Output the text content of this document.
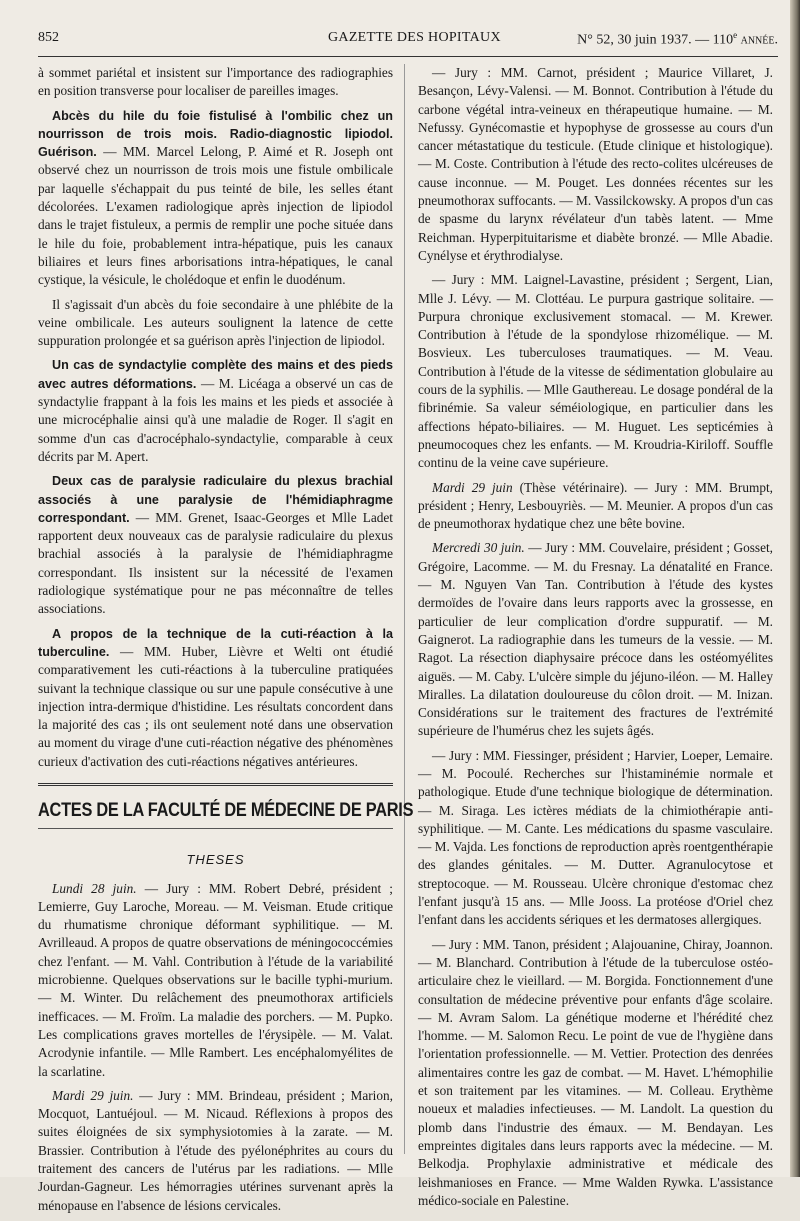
852	GAZETTE DES HOPITAUX	N° 52, 30 juin 1937. — 110e année.

à sommet pariétal et insistent sur l'importance des radiographies en position transverse pour localiser de pareilles images.

Abcès du hile du foie fistulisé à l'ombilic chez un nourrisson de trois mois. Radio-diagnostic lipiodol. Guérison. — MM. Marcel Lelong, P. Aimé et R. Joseph ont observé chez un nourrisson de trois mois une fistule ombilicale par laquelle s'échappait du pus teinté de bile, les selles étant décolorées. L'examen radiologique après injection de lipiodol dans le trajet fistuleux, a permis de remplir une poche située dans le hile du foie, probablement intra-hépatique, puis les canaux biliaires et leurs fines arborisations intra-hépatiques, le canal cystique, la vésicule, le cholédoque et enfin le duodénum.

Il s'agissait d'un abcès du foie secondaire à une phlébite de la veine ombilicale. Les auteurs soulignent la latence de cette suppuration prolongée et sa guérison après l'injection de lipiodol.

Un cas de syndactylie complète des mains et des pieds avec autres déformations. — M. Licéaga a observé un cas de syndactylie frappant à la fois les mains et les pieds et associée à une microcéphalie ainsi qu'à une maladie de Roger. Il s'agit en somme d'un cas d'acrocéphalo-syndactylie, comparable à ceux décrits par M. Apert.

Deux cas de paralysie radiculaire du plexus brachial associés à une paralysie de l'hémidiaphragme correspondant. — MM. Grenet, Isaac-Georges et Mlle Ladet rapportent deux nouveaux cas de paralysie radiculaire du plexus brachial associés à la paralysie de l'hémidiaphragme correspondant. Ils insistent sur la nécessité de l'examen radiologique systématique pour ne pas méconnaître de telles associations.

A propos de la technique de la cuti-réaction à la tuberculine. — MM. Huber, Lièvre et Welti ont étudié comparativement les cuti-réactions à la tuberculine pratiquées suivant la technique classique ou sur une papule consécutive à une injection intra-dermique d'histidine. Les résultats concordent dans la majorité des cas ; ils ont seulement noté dans une observation au moment du virage d'une cuti-réaction négative des phénomènes curieux d'activation des cuti-réactions négatives antérieures.

ACTES DE LA FACULTÉ DE MÉDECINE DE PARIS
THESES

Lundi 28 juin. — Jury : MM. Robert Debré, président ; Lemierre, Guy Laroche, Moreau. — M. Veisman. Etude critique du rhumatisme chronique déformant syphilitique. — M. Avrilleaud. A propos de quatre observations de méningococcémies chez l'enfant. — M. Vahl. Contribution à l'étude de la variabilité microbienne. Quelques observations sur le bacille typhi-murium. — M. Winter. Du relâchement des pneumothorax artificiels inefficaces. — M. Froïm. La maladie des porchers. — M. Pupko. Les complications graves mortelles de l'érysipèle. — M. Valat. Acrodynie infantile. — Mlle Rambert. Les encéphalomyélites de la scarlatine.

Mardi 29 juin. — Jury : MM. Brindeau, président ; Marion, Mocquot, Lantuéjoul. — M. Nicaud. Réflexions à propos des suites éloignées de six symphysiotomies à la zarate. — M. Brassier. Contribution à l'étude des pyélonéphrites au cours du traitement des cancers de l'utérus par les radiations. — Mlle Jourdan-Gagneur. Les hémorragies utérines survenant après la ménopause en l'absence de lésions cervicales.

— Jury : MM. Carnot, président ; Maurice Villaret, J. Besançon, Lévy-Valensi. — M. Bonnot. Contribution à l'étude du carbone végétal intra-veineux en thérapeutique humaine. — M. Nefussy. Gynécomastie et hypophyse de grossesse au cours d'un cancer métastatique du testicule. (Etude clinique et histologique). — M. Coste. Contribution à l'étude des recto-colites ulcéreuses de cause inconnue. — M. Pouget. Les données récentes sur les pneumothorax suffocants. — M. Vassilckowsky. A propos d'un cas de spasme du larynx révélateur d'un tabès latent. — Mme Reichman. Hyperpituitarisme et diabète bronzé. — Mlle Abadie. Cynélyse et érythrodialyse.

— Jury : MM. Laignel-Lavastine, président ; Sergent, Lian, Mlle J. Lévy. — M. Clottéau. Le purpura gastrique solitaire. — Purpura chronique exclusivement stomacal. — M. Krewer. Contribution à l'étude de la spondylose rhizomélique. — M. Bosvieux. Les tuberculoses traumatiques. — M. Veau. Contribution à l'étude de la vitesse de sédimentation globulaire au cours de la syphilis. — Mlle Gauthereau. Le dosage pondéral de la fibrinémie. Sa valeur séméiologique, en particulier dans les affections hépato-biliaires. — M. Huguet. Les septicémies à pneumocoques chez les enfants. — M. Kroudria-Kiriloff. Souffle continu de la veine cave supérieure.

Mardi 29 juin (Thèse vétérinaire). — Jury : MM. Brumpt, président ; Henry, Lesbouyriès. — M. Meunier. A propos d'un cas de pneumothorax hydatique chez une bête bovine.

Mercredi 30 juin. — Jury : MM. Couvelaire, président ; Gosset, Grégoire, Lacomme. — M. du Fresnay. La dénatalité en France. — M. Nguyen Van Tan. Contribution à l'étude des kystes dermoïdes de l'ovaire dans leurs rapports avec la grossesse, en particulier de leur complication d'ordre suppuratif. — M. Gaignerot. La radiographie dans les tumeurs de la vessie. — M. Ragot. La résection diaphysaire précoce dans les ostéomyélites aiguës. — M. Caby. L'ulcère simple du jéjuno-iléon. — M. Halley Miralles. La dilatation douloureuse du côlon droit. — M. Inizan. Considérations sur le traitement des fractures de l'extrémité supérieure de l'humérus chez les sujets âgés.

— Jury : MM. Fiessinger, président ; Harvier, Loeper, Lemaire. — M. Pocoulé. Recherches sur l'histaminémie normale et pathologique. Etude d'une technique biologique de détermination. — M. Siraga. Les ictères médiats de la chimiothérapie anti-syphilitique. — M. Cante. Les médications du spasme vasculaire. — M. Vajda. Les fonctions de reproduction après roentgenthérapie des glandes génitales. — M. Dutter. Agranulocytose et streptocoque. — M. Rousseau. Ulcère chronique d'estomac chez l'enfant jusqu'à 15 ans. — Mlle Jooss. La protéose d'Oriel chez l'enfant dans les accidents sériques et les dermatoses allergiques.

— Jury : MM. Tanon, président ; Alajouanine, Chiray, Joannon. — M. Blanchard. Contribution à l'étude de la tuberculose ostéo-articulaire chez le vieillard. — M. Borgida. Fonctionnement d'une consultation de médecine préventive pour enfants d'âge scolaire. — M. Avram Salom. La génétique moderne et l'hérédité chez l'homme. — M. Salomon Recu. Le point de vue de l'hygiène dans l'orientation professionnelle. — M. Vettier. Protection des denrées alimentaires contre les gaz de combat. — M. Havet. L'hémophilie et son traitement par les vitamines. — M. Colleau. Erythème noueux et maladies infectieuses. — M. Landolt. La question du plomb dans l'industrie des émaux. — M. Bendayan. Les empreintes digitales dans leurs rapports avec la médecine. — M. Belkodja. Prophylaxie administrative et médicale des leishmanioses en France. — Mme Walden Rywka. L'assistance médico-sociale en Palestine.
